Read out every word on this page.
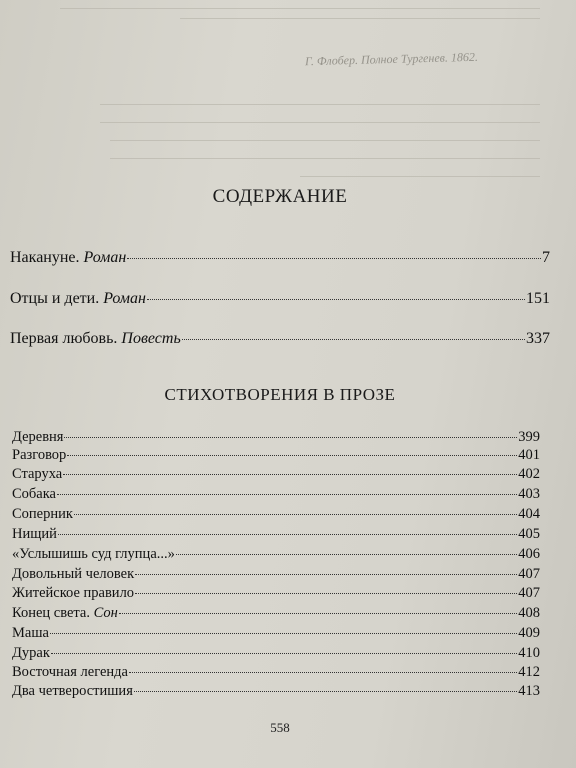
Г. Флобер. Полное Тургенев. 1862.
СОДЕРЖАНИЕ
Накануне. Роман	7
Отцы и дети. Роман	151
Первая любовь. Повесть	337
СТИХОТВОРЕНИЯ В ПРОЗЕ
Деревня	399
Разговор	401
Старуха	402
Собака	403
Соперник	404
Нищий	405
«Услышишь суд глупца...»	406
Довольный человек	407
Житейское правило	407
Конец света. Сон	408
Маша	409
Дурак	410
Восточная легенда	412
Два четверостишия	413
558
